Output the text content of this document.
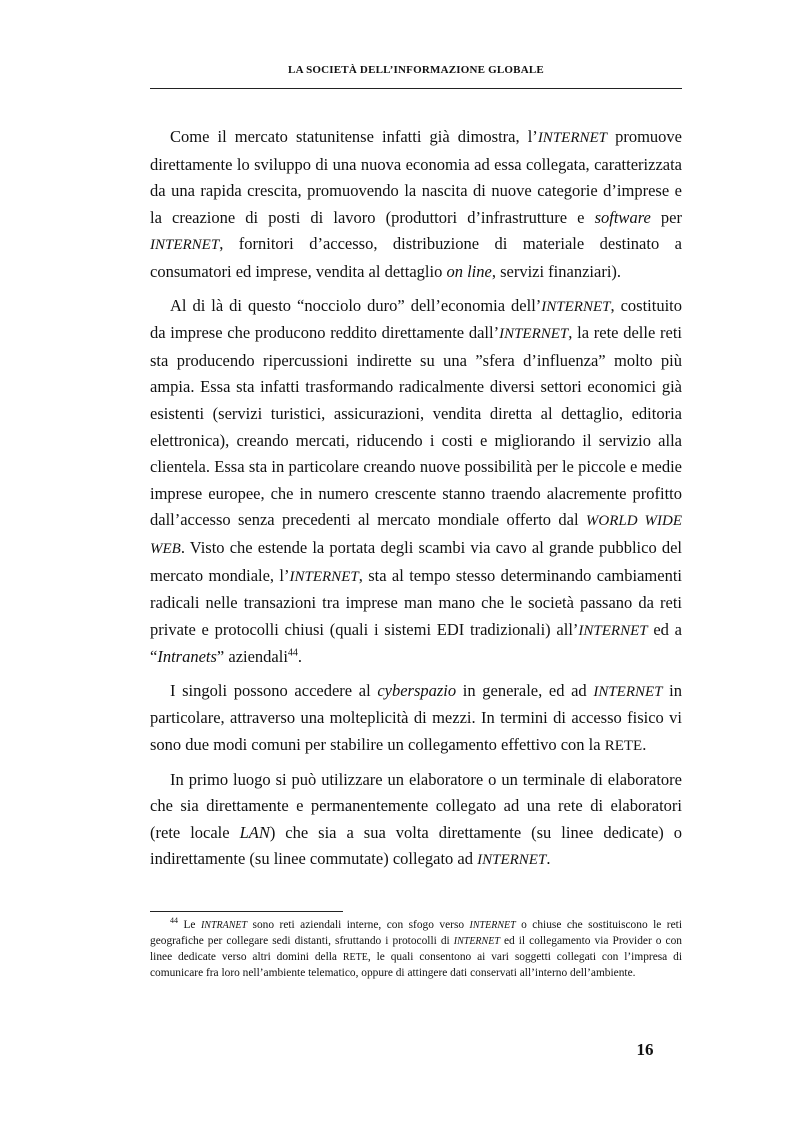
LA SOCIETÀ DELL’INFORMAZIONE GLOBALE

Come il mercato statunitense infatti già dimostra, l’INTERNET promuove direttamente lo sviluppo di una nuova economia ad essa collegata, caratterizzata da una rapida crescita, promuovendo la nascita di nuove categorie d’imprese e la creazione di posti di lavoro (produttori d’infrastrutture e software per INTERNET, fornitori d’accesso, distribuzione di materiale destinato a consumatori ed imprese, vendita al dettaglio on line, servizi finanziari).

Al di là di questo “nocciolo duro” dell’economia dell’INTERNET, costituito da imprese che producono reddito direttamente dall’INTERNET, la rete delle reti sta producendo ripercussioni indirette su una ”sfera d’influenza” molto più ampia. Essa sta infatti trasformando radicalmente diversi settori economici già esistenti (servizi turistici, assicurazioni, vendita diretta al dettaglio, editoria elettronica), creando mercati, riducendo i costi e migliorando il servizio alla clientela. Essa sta in particolare creando nuove possibilità per le piccole e medie imprese europee, che in numero crescente stanno traendo alacremente profitto dall’accesso senza precedenti al mercato mondiale offerto dal WORLD WIDE WEB. Visto che estende la portata degli scambi via cavo al grande pubblico del mercato mondiale, l’INTERNET, sta al tempo stesso determinando cambiamenti radicali nelle transazioni tra imprese man mano che le società passano da reti private e protocolli chiusi (quali i sistemi EDI tradizionali) all’INTERNET ed a “Intranets” aziendali$^{44}$.

I singoli possono accedere al cyberspazio in generale, ed ad INTERNET in particolare, attraverso una molteplicità di mezzi. In termini di accesso fisico vi sono due modi comuni per stabilire un collegamento effettivo con la RETE.

In primo luogo si può utilizzare un elaboratore o un terminale di elaboratore che sia direttamente e permanentemente collegato ad una rete di elaboratori (rete locale LAN) che sia a sua volta direttamente (su linee dedicate) o indirettamente (su linee commutate) collegato ad INTERNET.

$^{44}$ Le INTRANET sono reti aziendali interne, con sfogo verso INTERNET o chiuse che sostituiscono le reti geografiche per collegare sedi distanti, sfruttando i protocolli di INTERNET ed il collegamento via Provider o con linee dedicate verso altri domini della RETE, le quali consentono ai vari soggetti collegati con l’impresa di comunicare fra loro nell’ambiente telematico, oppure di attingere dati conservati all’interno dell’ambiente.
16
